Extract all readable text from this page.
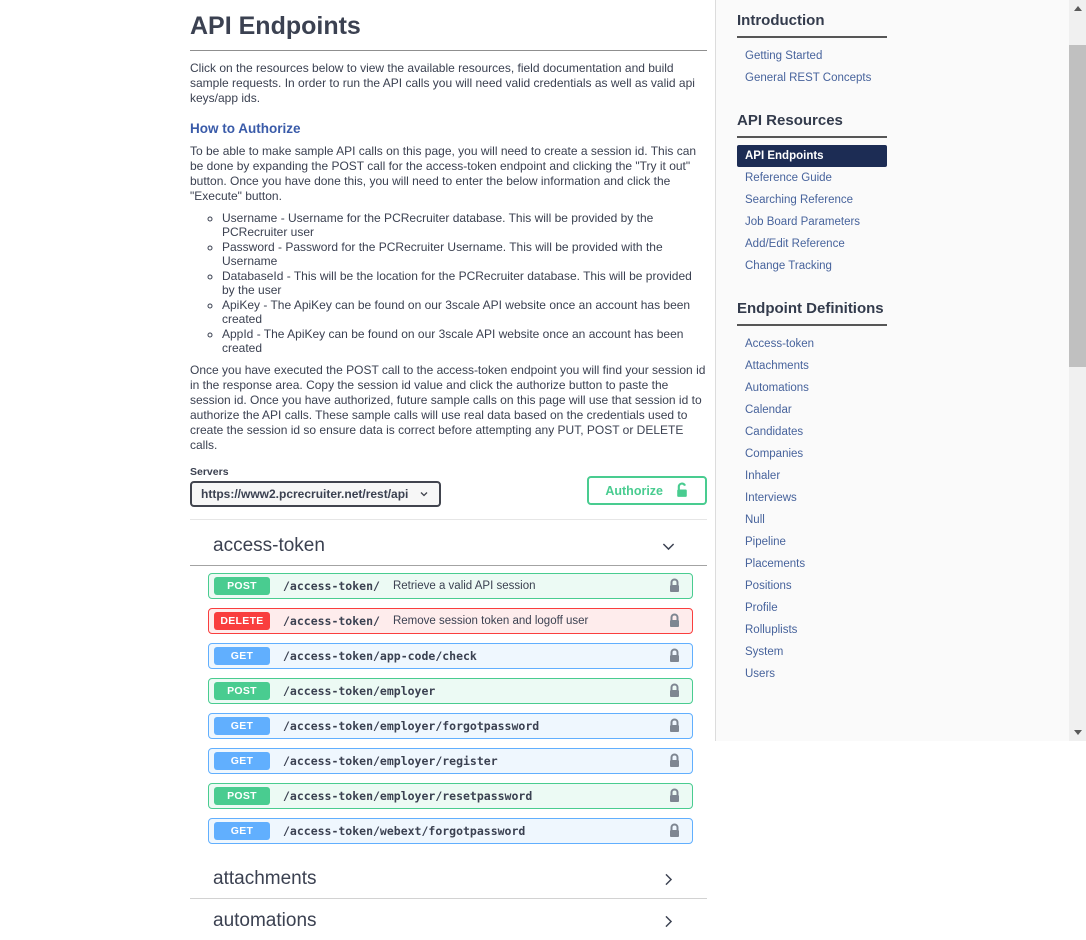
API Endpoints

Click on the resources below to view the available resources, field documentation and build sample requests. In order to run the API calls you will need valid credentials as well as valid api keys/app ids.

How to Authorize

To be able to make sample API calls on this page, you will need to create a session id. This can be done by expanding the POST call for the access-token endpoint and clicking the "Try it out" button. Once you have done this, you will need to enter the below information and click the "Execute" button.

◦ Username - Username for the PCRecruiter database. This will be provided by the PCRecruiter user
◦ Password - Password for the PCRecruiter Username. This will be provided with the Username
◦ DatabaseId - This will be the location for the PCRecruiter database. This will be provided by the user
◦ ApiKey - The ApiKey can be found on our 3scale API website once an account has been created
◦ AppId - The ApiKey can be found on our 3scale API website once an account has been created

Once you have executed the POST call to the access-token endpoint you will find your session id in the response area. Copy the session id value and click the authorize button to paste the session id. Once you have authorized, future sample calls on this page will use that session id to authorize the API calls. These sample calls will use real data based on the credentials used to create the session id so ensure data is correct before attempting any PUT, POST or DELETE calls.

Servers
https://www2.pcrecruiter.net/rest/api	Authorize
access-token
POST	/access-token/ Retrieve a valid API session
DELETE	/access-token/ Remove session token and logoff user
GET	/access-token/app-code/check
POST	/access-token/employer
GET	/access-token/employer/forgotpassword
GET	/access-token/employer/register
POST	/access-token/employer/resetpassword
GET	/access-token/webext/forgotpassword
attachments
automations
Introduction
Getting Started
General REST Concepts
API Resources
API Endpoints
Reference Guide
Searching Reference
Job Board Parameters
Add/Edit Reference
Change Tracking
Endpoint Definitions
Access-token
Attachments
Automations
Calendar
Candidates
Companies
Inhaler
Interviews
Null
Pipeline
Placements
Positions
Profile
Rolluplists
System
Users
